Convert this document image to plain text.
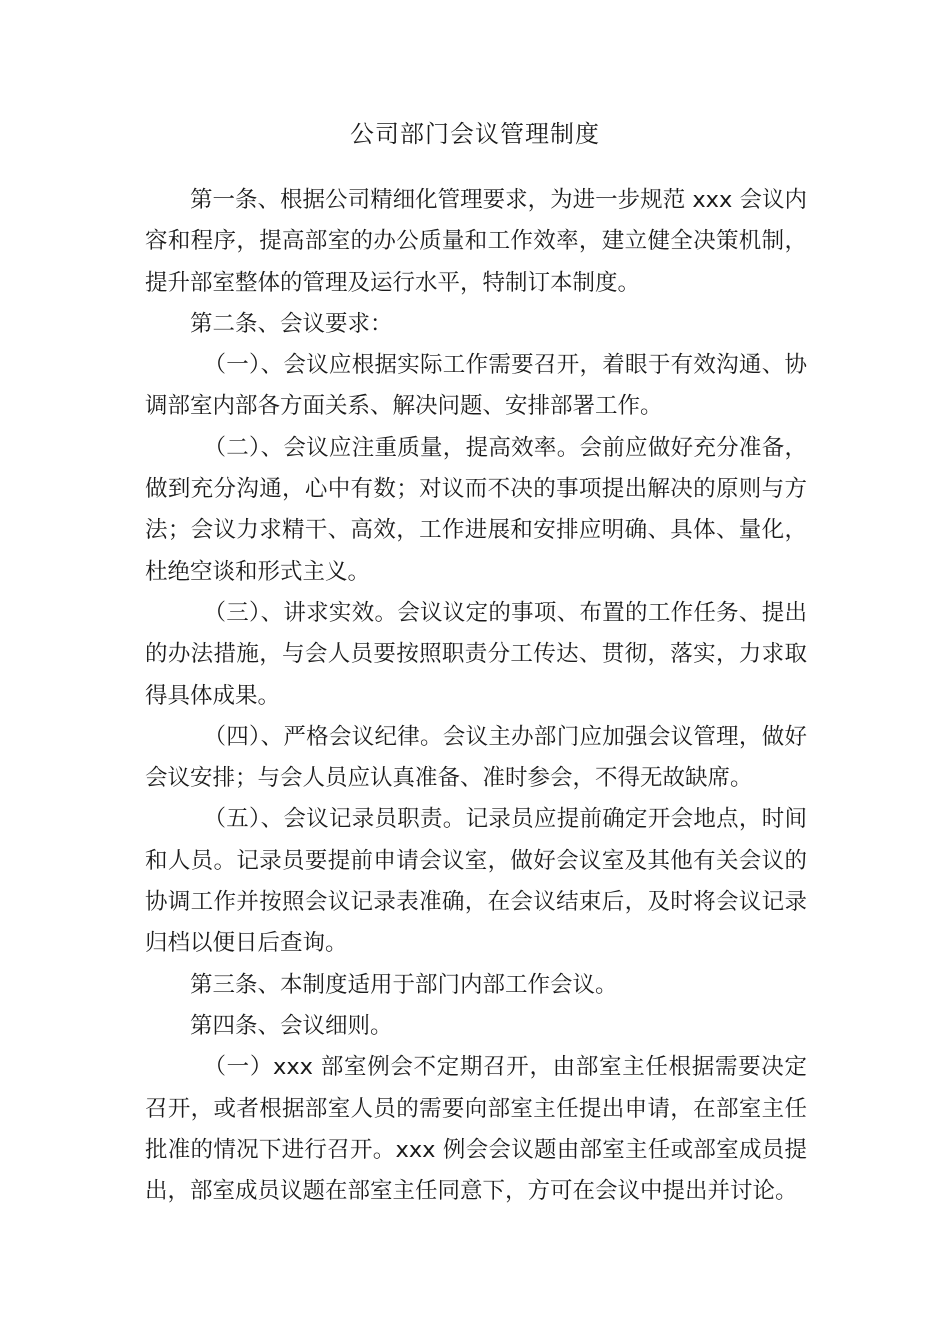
公司部门会议管理制度

第一条、根据公司精细化管理要求，为进一步规范 xxx 会议内容和程序，提高部室的办公质量和工作效率，建立健全决策机制，提升部室整体的管理及运行水平，特制订本制度。

第二条、会议要求：

（一）、会议应根据实际工作需要召开，着眼于有效沟通、协调部室内部各方面关系、解决问题、安排部署工作。

（二）、会议应注重质量，提高效率。会前应做好充分准备，做到充分沟通，心中有数；对议而不决的事项提出解决的原则与方法；会议力求精干、高效，工作进展和安排应明确、具体、量化，杜绝空谈和形式主义。

（三）、讲求实效。会议议定的事项、布置的工作任务、提出的办法措施，与会人员要按照职责分工传达、贯彻，落实，力求取得具体成果。

（四）、严格会议纪律。会议主办部门应加强会议管理，做好会议安排；与会人员应认真准备、准时参会，不得无故缺席。

（五）、会议记录员职责。记录员应提前确定开会地点，时间和人员。记录员要提前申请会议室，做好会议室及其他有关会议的协调工作并按照会议记录表准确，在会议结束后，及时将会议记录归档以便日后查询。

第三条、本制度适用于部门内部工作会议。

第四条、会议细则。

（一）xxx 部室例会不定期召开，由部室主任根据需要决定召开，或者根据部室人员的需要向部室主任提出申请，在部室主任批准的情况下进行召开。xxx 例会会议题由部室主任或部室成员提出，部室成员议题在部室主任同意下，方可在会议中提出并讨论。
